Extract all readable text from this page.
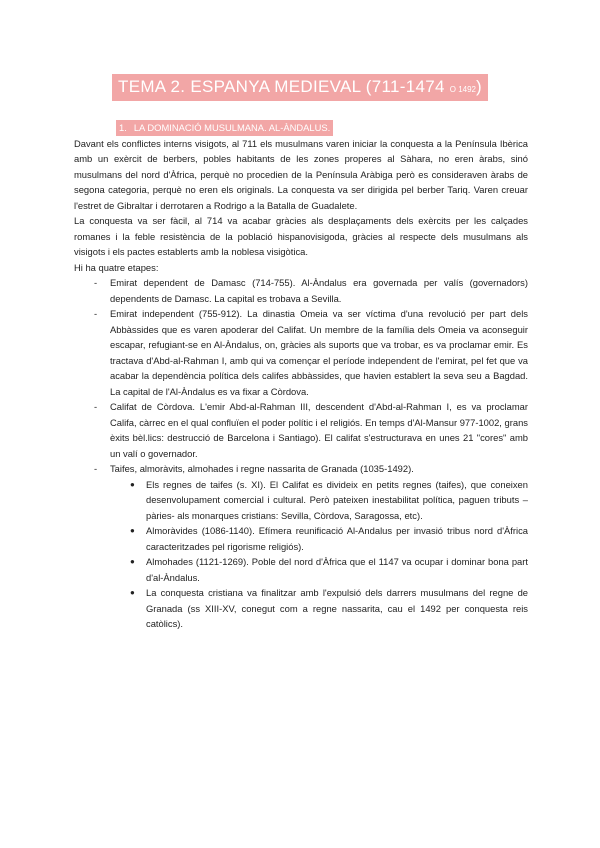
TEMA 2. ESPANYA MEDIEVAL (711-1474 O 1492)
1. LA DOMINACIÓ MUSULMANA. AL-ÀNDALUS.

Davant els conflictes interns visigots, al 711 els musulmans varen iniciar la conquesta a la Península Ibèrica amb un exèrcit de berbers, pobles habitants de les zones properes al Sàhara, no eren àrabs, sinó musulmans del nord d'Àfrica, perquè no procedien de la Península Aràbiga però es consideraven àrabs de segona categoria, perquè no eren els originals. La conquesta va ser dirigida pel berber Tariq. Varen creuar l'estret de Gibraltar i derrotaren a Rodrigo a la Batalla de Guadalete.

La conquesta va ser fàcil, al 714 va acabar gràcies als desplaçaments dels exèrcits per les calçades romanes i la feble resistència de la població hispanovisigoda, gràcies al respecte dels musulmans als visigots i els pactes establerts amb la noblesa visigòtica.

Hi ha quatre etapes:

- Emirat dependent de Damasc (714-755). Al-Àndalus era governada per valís (governadors) dependents de Damasc. La capital es trobava a Sevilla.
- Emirat independent (755-912). La dinastia Omeia va ser víctima d'una revolució per part dels Abbàssides que es varen apoderar del Califat. Un membre de la família dels Omeia va aconseguir escapar, refugiant-se en Al-Àndalus, on, gràcies als suports que va trobar, es va proclamar emir. Es tractava d'Abd-al-Rahman I, amb qui va començar el període independent de l'emirat, pel fet que va acabar la dependència política dels califes abbàssides, que havien establert la seva seu a Bagdad. La capital de l'Al-Àndalus es va fixar a Còrdova.
- Califat de Còrdova. L'emir Abd-al-Rahman III, descendent d'Abd-al-Rahman I, es va proclamar Califa, càrrec en el qual confluïen el poder polític i el religiós. En temps d'Al-Mansur 977-1002, grans èxits bèl.lics: destrucció de Barcelona i Santiago). El califat s'estructurava en unes 21 "cores" amb un valí o governador.
- Taifes, almoràvits, almohades i regne nassarita de Granada (1035-1492).
● Els regnes de taifes (s. XI). El Califat es divideix en petits regnes (taifes), que coneixen desenvolupament comercial i cultural. Però pateixen inestabilitat política, paguen tributs –pàries- als monarques cristians: Sevilla, Còrdova, Saragossa, etc).
● Almoràvides (1086-1140). Efímera reunificació Al-Andalus per invasió tribus nord d'Àfrica caracteritzades pel rigorisme religiós).
● Almohades (1121-1269). Poble del nord d'Àfrica que el 1147 va ocupar i dominar bona part d'al-Àndalus.
● La conquesta cristiana va finalitzar amb l'expulsió dels darrers musulmans del regne de Granada (ss XIII-XV, conegut com a regne nassarita, cau el 1492 per conquesta reis catòlics).
